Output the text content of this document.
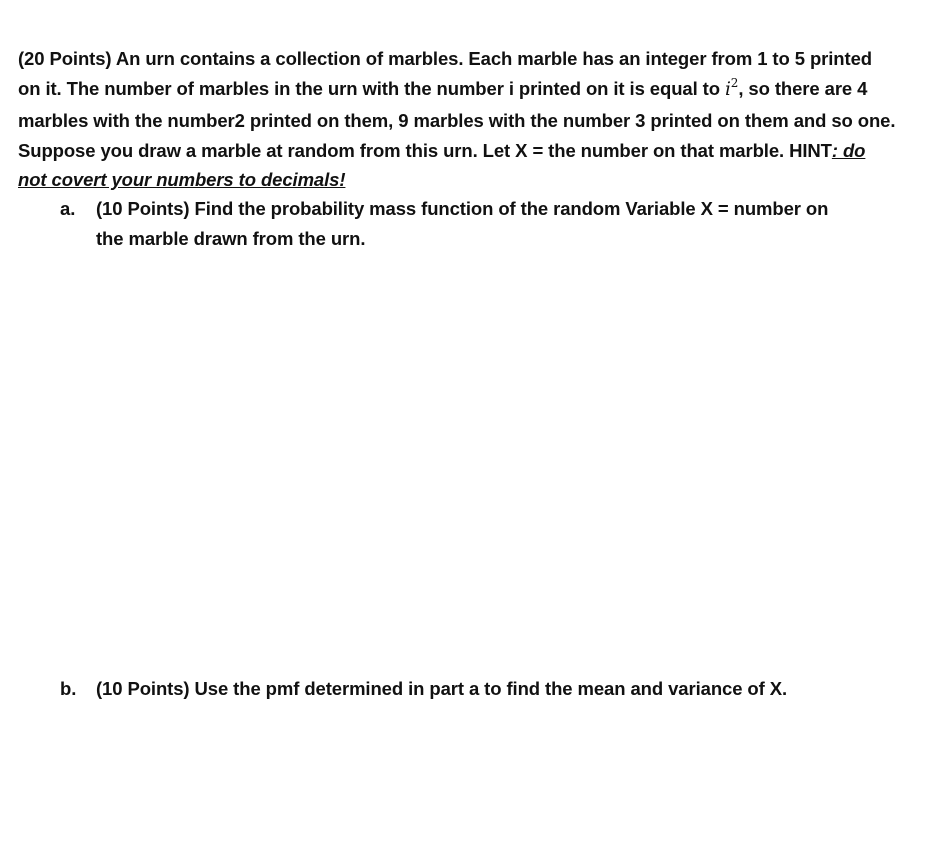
(20 Points) An urn contains a collection of marbles. Each marble has an integer from 1 to 5 printed on it. The number of marbles in the urn with the number i printed on it is equal to $i^2$, so there are 4 marbles with the number2 printed on them, 9 marbles with the number 3 printed on them and so one. Suppose you draw a marble at random from this urn. Let X = the number on that marble. HINT: do not covert your numbers to decimals!

a. (10 Points) Find the probability mass function of the random Variable X = number on
the marble drawn from the urn.
b. (10 Points) Use the pmf determined in part a to find the mean and variance of X.
